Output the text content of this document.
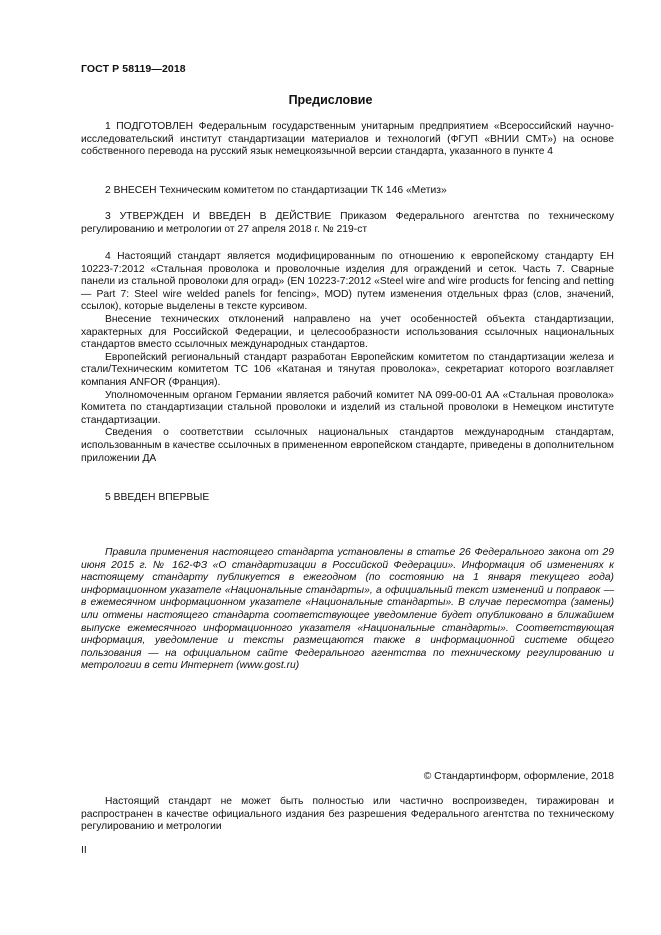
ГОСТ Р 58119—2018
Предисловие

1 ПОДГОТОВЛЕН Федеральным государственным унитарным предприятием «Всероссийский научно-исследовательский институт стандартизации материалов и технологий (ФГУП «ВНИИ СМТ») на основе собственного перевода на русский язык немецкоязычной версии стандарта, указанного в пункте 4

2 ВНЕСЕН Техническим комитетом по стандартизации ТК 146 «Метиз»

3 УТВЕРЖДЕН И ВВЕДЕН В ДЕЙСТВИЕ Приказом Федерального агентства по техническому регулированию и метрологии от 27 апреля 2018 г. № 219-ст

4 Настоящий стандарт является модифицированным по отношению к европейскому стандарту ЕН 10223-7:2012 «Стальная проволока и проволочные изделия для ограждений и сеток. Часть 7. Сварные панели из стальной проволоки для оград» (EN 10223-7:2012 «Steel wire and wire products for fencing and netting — Part 7: Steel wire welded panels for fencing», MOD) путем изменения отдельных фраз (слов, значений, ссылок), которые выделены в тексте курсивом.

Внесение технических отклонений направлено на учет особенностей объекта стандартизации, характерных для Российской Федерации, и целесообразности использования ссылочных национальных стандартов вместо ссылочных международных стандартов.

Европейский региональный стандарт разработан Европейским комитетом по стандартизации железа и стали/Техническим комитетом ТС 106 «Катаная и тянутая проволока», секретариат которого возглавляет компания ANFOR (Франция).

Уполномоченным органом Германии является рабочий комитет NA 099-00-01 AA «Стальная проволока» Комитета по стандартизации стальной проволоки и изделий из стальной проволоки в Немецком институте стандартизации.

Сведения о соответствии ссылочных национальных стандартов международным стандартам, использованным в качестве ссылочных в примененном европейском стандарте, приведены в дополнительном приложении ДА

5 ВВЕДЕН ВПЕРВЫЕ

Правила применения настоящего стандарта установлены в статье 26 Федерального закона от 29 июня 2015 г. № 162-ФЗ «О стандартизации в Российской Федерации». Информация об изменениях к настоящему стандарту публикуется в ежегодном (по состоянию на 1 января текущего года) информационном указателе «Национальные стандарты», а официальный текст изменений и поправок — в ежемесячном информационном указателе «Национальные стандарты». В случае пересмотра (замены) или отмены настоящего стандарта соответствующее уведомление будет опубликовано в ближайшем выпуске ежемесячного информационного указателя «Национальные стандарты». Соответствующая информация, уведомление и тексты размещаются также в информационной системе общего пользования — на официальном сайте Федерального агентства по техническому регулированию и метрологии в сети Интернет (www.gost.ru)

© Стандартинформ, оформление, 2018

Настоящий стандарт не может быть полностью или частично воспроизведен, тиражирован и распространен в качестве официального издания без разрешения Федерального агентства по техническому регулированию и метрологии

II
